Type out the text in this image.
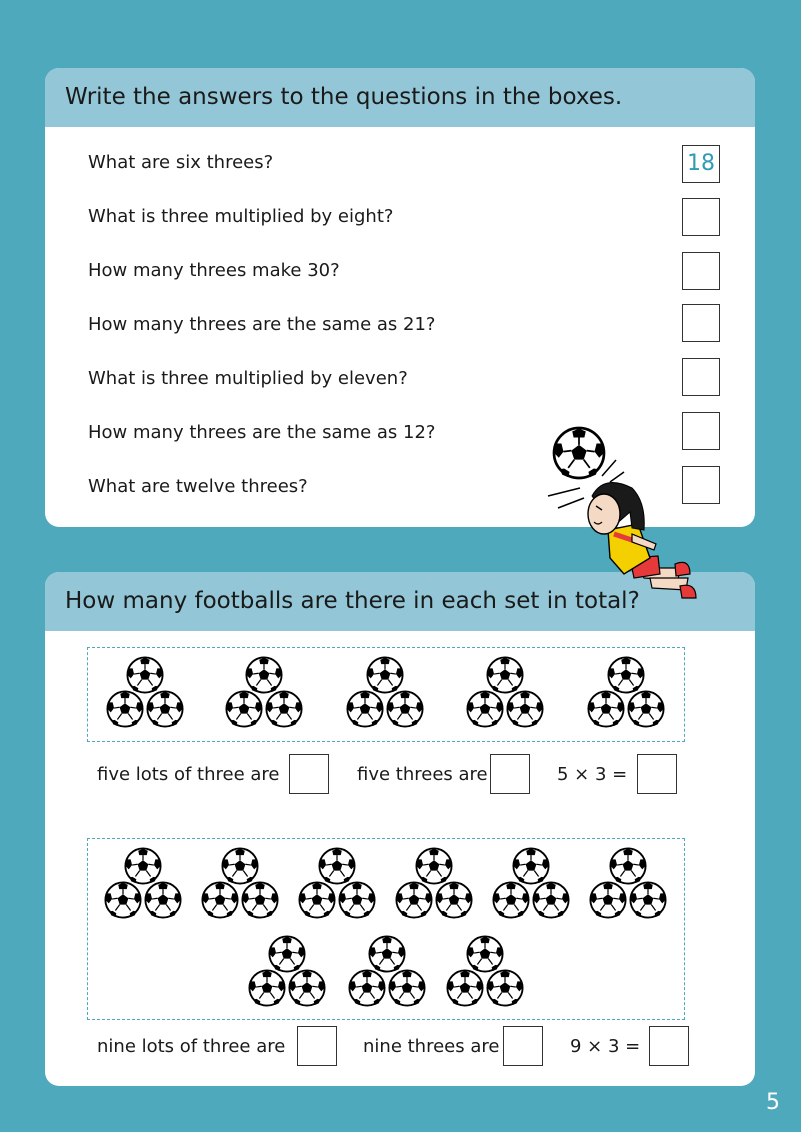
Write the answers to the questions in the boxes.
What are six threes?	18
What is three multiplied by eight?
How many threes make 30?
How many threes are the same as 21?
What is three multiplied by eleven?
How many threes are the same as 12?
What are twelve threes?
How many footballs are there in each set in total?
five lots of three are	five threes are	5 × 3 =
nine lots of three are	nine threes are	9 × 3 =
5
